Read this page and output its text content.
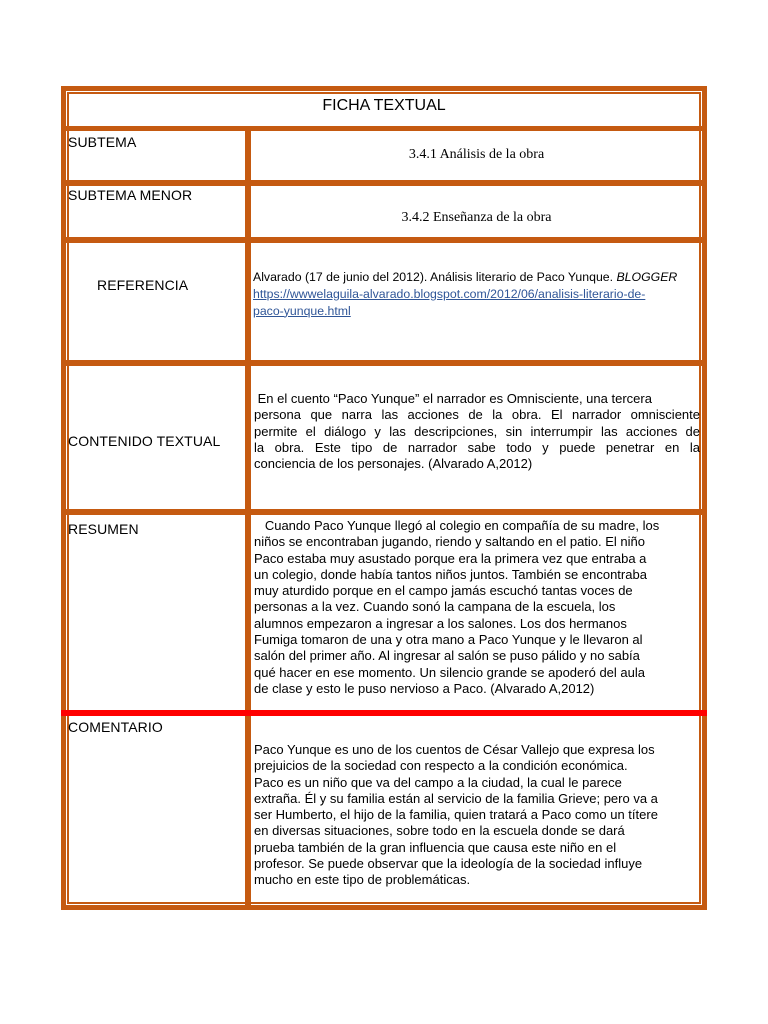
FICHA TEXTUAL
SUBTEMA
3.4.1 Análisis de la obra
SUBTEMA MENOR
3.4.2 Enseñanza de la obra
REFERENCIA	Alvarado (17 de junio del 2012). Análisis literario de Paco Yunque. BLOGGER
https://wwwelaguila-alvarado.blogspot.com/2012/06/analisis-literario-de-
paco-yunque.html
CONTENIDO TEXTUAL
En el cuento “Paco Yunque” el narrador es Omnisciente, una tercera
persona que narra las acciones de la obra. El narrador omnisciente
permite el diálogo y las descripciones, sin interrumpir las acciones de
la obra. Este tipo de narrador sabe todo y puede penetrar en la
conciencia de los personajes. (Alvarado A,2012)
RESUMEN	Cuando Paco Yunque llegó al colegio en compañía de su madre, los
niños se encontraban jugando, riendo y saltando en el patio. El niño
Paco estaba muy asustado porque era la primera vez que entraba a
un colegio, donde había tantos niños juntos. También se encontraba
muy aturdido porque en el campo jamás escuchó tantas voces de
personas a la vez. Cuando sonó la campana de la escuela, los
alumnos empezaron a ingresar a los salones. Los dos hermanos
Fumiga tomaron de una y otra mano a Paco Yunque y le llevaron al
salón del primer año. Al ingresar al salón se puso pálido y no sabía
qué hacer en ese momento. Un silencio grande se apoderó del aula
de clase y esto le puso nervioso a Paco. (Alvarado A,2012)
COMENTARIO
Paco Yunque es uno de los cuentos de César Vallejo que expresa los
prejuicios de la sociedad con respecto a la condición económica.
Paco es un niño que va del campo a la ciudad, la cual le parece
extraña. Él y su familia están al servicio de la familia Grieve; pero va a
ser Humberto, el hijo de la familia, quien tratará a Paco como un títere
en diversas situaciones, sobre todo en la escuela donde se dará
prueba también de la gran influencia que causa este niño en el
profesor. Se puede observar que la ideología de la sociedad influye
mucho en este tipo de problemáticas.
